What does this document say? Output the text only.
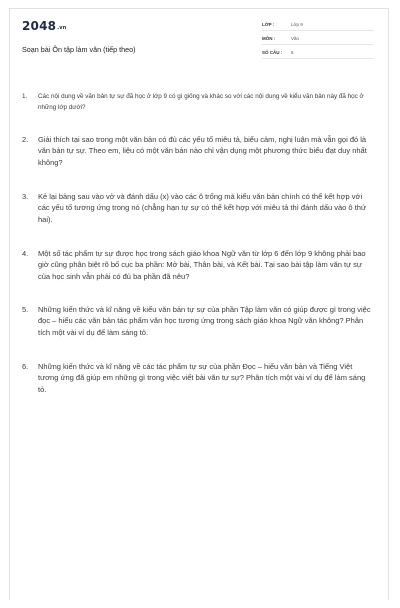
2048.vn
Soạn bài Ôn tập làm văn (tiếp theo)
LỚP :	Lớp 9
MÔN :	Văn
SỐ CÂU :	6
1.	Các nội dung về văn bản tự sự đã học ở lớp 9 có gì giống và khác so với các nội dung về kiểu văn bản này đã học ở những lớp dưới?
2.	Giải thích tại sao trong một văn bản có đủ các yếu tố miêu tả, biểu cảm, nghị luận mà vẫn gọi đó là văn bản tự sự. Theo em, liệu có một văn bản nào chỉ vận dụng một phương thức biểu đạt duy nhất không?
3.	Kẻ lại bảng sau vào vở và đánh dấu (x) vào các ô trống mà kiểu văn bản chính có thể kết hợp với các yếu tố tương ứng trong nó (chẳng hạn tự sự có thể kết hợp với miêu tả thì đánh dấu vào ô thứ hai).
4.	Một số tác phẩm tự sự được học trong sách giáo khoa Ngữ văn từ lớp 6 đến lớp 9 không phải bao giờ cũng phân biệt rõ bố cục ba phần: Mở bài, Thân bài, và Kết bài. Tại sao bài tập làm văn tự sự của học sinh vẫn phải có đủ ba phần đã nêu?
5.	Những kiến thức và kĩ năng về kiểu văn bản tự sự của phần Tập làm văn có giúp được gì trong việc đọc – hiểu các văn bản tác phẩm văn học tương ứng trong sách giáo khoa Ngữ văn không? Phân tích một vài ví dụ để làm sáng tỏ.
6.	Những kiến thức và kĩ năng về các tác phẩm tự sự của phần Đọc – hiểu văn bản và Tiếng Việt tương ứng đã giúp em những gì trong việc viết bài văn tự sự? Phân tích một vài ví dụ để làm sáng tỏ.
